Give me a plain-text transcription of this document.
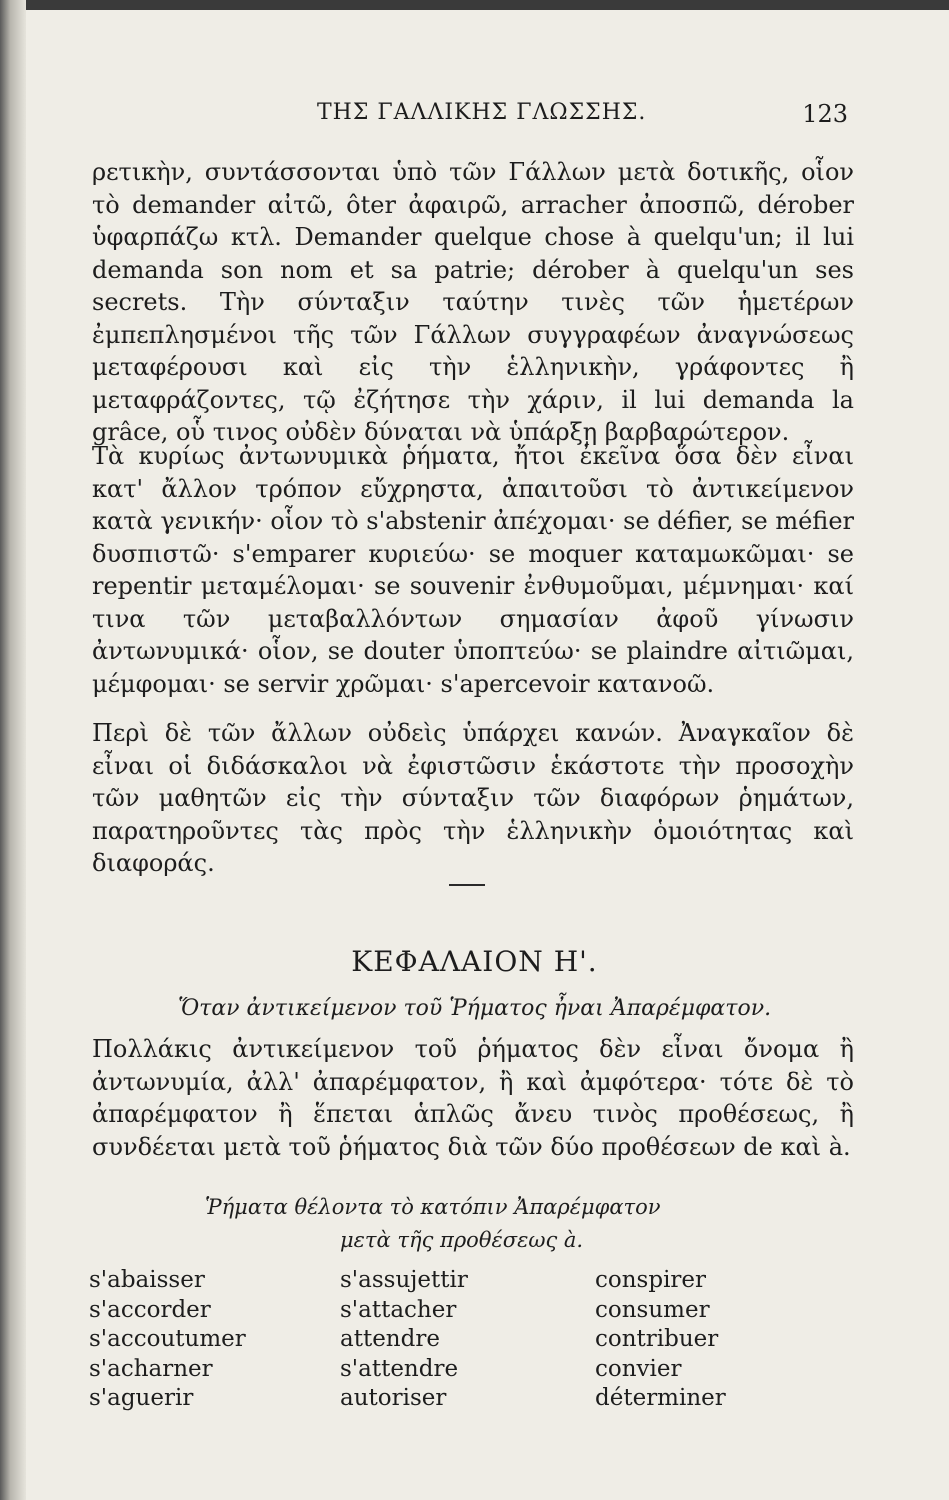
ΤΗΣ ΓΑΛΛΙΚΗΣ ΓΛΩΣΣΗΣ.	123

ρετικὴν, συντάσσονται ὑπὸ τῶν Γάλλων μετὰ δοτικῆς, οἷον τὸ demander αἰτῶ, ôter ἀφαιρῶ, arracher ἀποσπῶ, dérober ὑφαρπάζω κτλ. Demander quelque chose à quelqu'un; il lui demanda son nom et sa patrie; dérober à quelqu'un ses secrets. Τὴν σύνταξιν ταύτην τινὲς τῶν ἡμετέρων ἐμπεπλησμένοι τῆς τῶν Γάλλων συγγραφέων ἀναγνώσεως μεταφέρουσι καὶ εἰς τὴν ἑλληνικὴν, γράφοντες ἢ μεταφράζοντες, τῷ ἐζήτησε τὴν χάριν, il lui demanda la grâce, οὗ τινος οὐδὲν δύναται νὰ ὑπάρξῃ βαρβαρώτερον.

Τὰ κυρίως ἀντωνυμικὰ ῥήματα, ἤτοι ἐκεῖνα ὅσα δὲν εἶναι κατ' ἄλλον τρόπον εὔχρηστα, ἀπαιτοῦσι τὸ ἀντικείμενον κατὰ γενικήν· οἷον τὸ s'abstenir ἀπέχομαι· se défier, se méfier δυσπιστῶ· s'emparer κυριεύω· se moquer καταμωκῶμαι· se repentir μεταμέλομαι· se souvenir ἐνθυμοῦμαι, μέμνημαι· καί τινα τῶν μεταβαλλόντων σημασίαν ἀφοῦ γίνωσιν ἀντωνυμικά· οἷον, se douter ὑποπτεύω· se plaindre αἰτιῶμαι, μέμφομαι· se servir χρῶμαι· s'apercevoir κατανοῶ.

Περὶ δὲ τῶν ἄλλων οὐδεὶς ὑπάρχει κανών. Ἀναγκαῖον δὲ εἶναι οἱ διδάσκαλοι νὰ ἐφιστῶσιν ἑκάστοτε τὴν προσοχὴν τῶν μαθητῶν εἰς τὴν σύνταξιν τῶν διαφόρων ῥημάτων, παρατηροῦντες τὰς πρὸς τὴν ἑλληνικὴν ὁμοιότητας καὶ διαφοράς.

ΚΕΦΑΛΑΙΟΝ Η'.
Ὅταν ἀντικείμενον τοῦ Ῥήματος ἦναι Ἀπαρέμφατον.

Πολλάκις ἀντικείμενον τοῦ ῥήματος δὲν εἶναι ὄνομα ἢ ἀντωνυμία, ἀλλ' ἀπαρέμφατον, ἢ καὶ ἀμφότερα· τότε δὲ τὸ ἀπαρέμφατον ἢ ἕπεται ἁπλῶς ἄνευ τινὸς προθέσεως, ἢ συνδέεται μετὰ τοῦ ῥήματος διὰ τῶν δύο προθέσεων de καὶ à.

Ῥήματα θέλοντα τὸ κατόπιν Ἀπαρέμφατον
μετὰ τῆς προθέσεως à.
s'abaisser
s'accorder
s'accoutumer
s'acharner
s'aguerir
s'assujettir
s'attacher
attendre
s'attendre
autoriser
conspirer
consumer
contribuer
convier
déterminer
